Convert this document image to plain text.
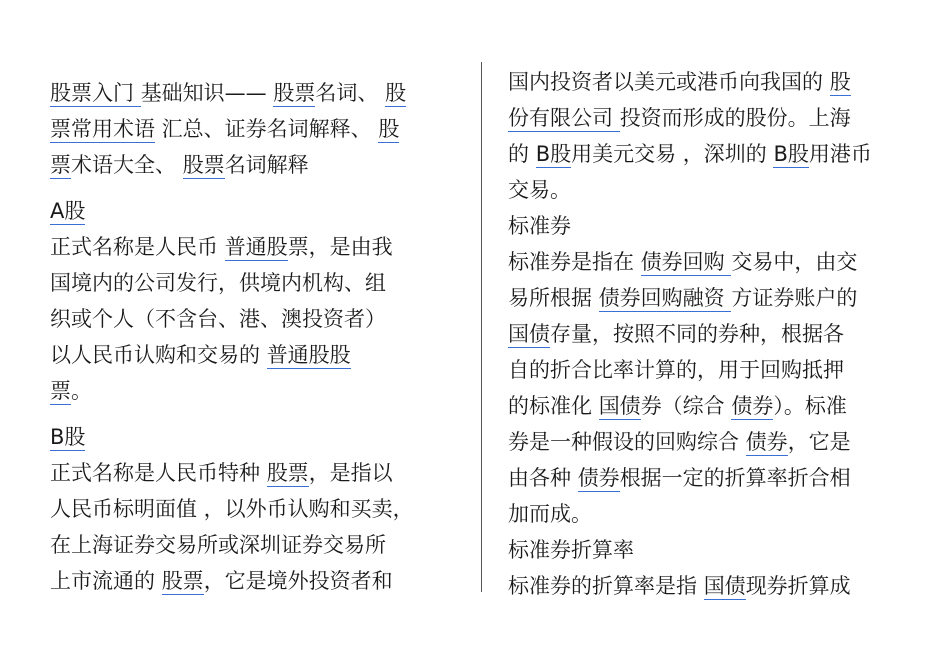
股票入门 基础知识—— 股票名词、 股
票常用术语 汇总、证券名词解释、 股
票术语大全、 股票名词解释
A股
正式名称是人民币 普通股票，是由我
国境内的公司发行，供境内机构、组
织或个人（不含台、港、澳投资者）
以人民币认购和交易的 普通股股
票。
B股
正式名称是人民币特种 股票，是指以
人民币标明面值 ，以外币认购和买卖，
在上海证券交易所或深圳证券交易所
上市流通的 股票，它是境外投资者和
国内投资者以美元或港币向我国的 股
份有限公司 投资而形成的股份。上海
的 B股用美元交易 ，深圳的 B股用港币
交易。
标准券
标准券是指在 债券回购 交易中，由交
易所根据 债券回购融资 方证券账户的
国债存量，按照不同的券种，根据各
自的折合比率计算的，用于回购抵押
的标准化 国债券（综合 债券）。标准
券是一种假设的回购综合 债券，它是
由各种 债券根据一定的折算率折合相
加而成。
标准券折算率
标准券的折算率是指 国债现券折算成
